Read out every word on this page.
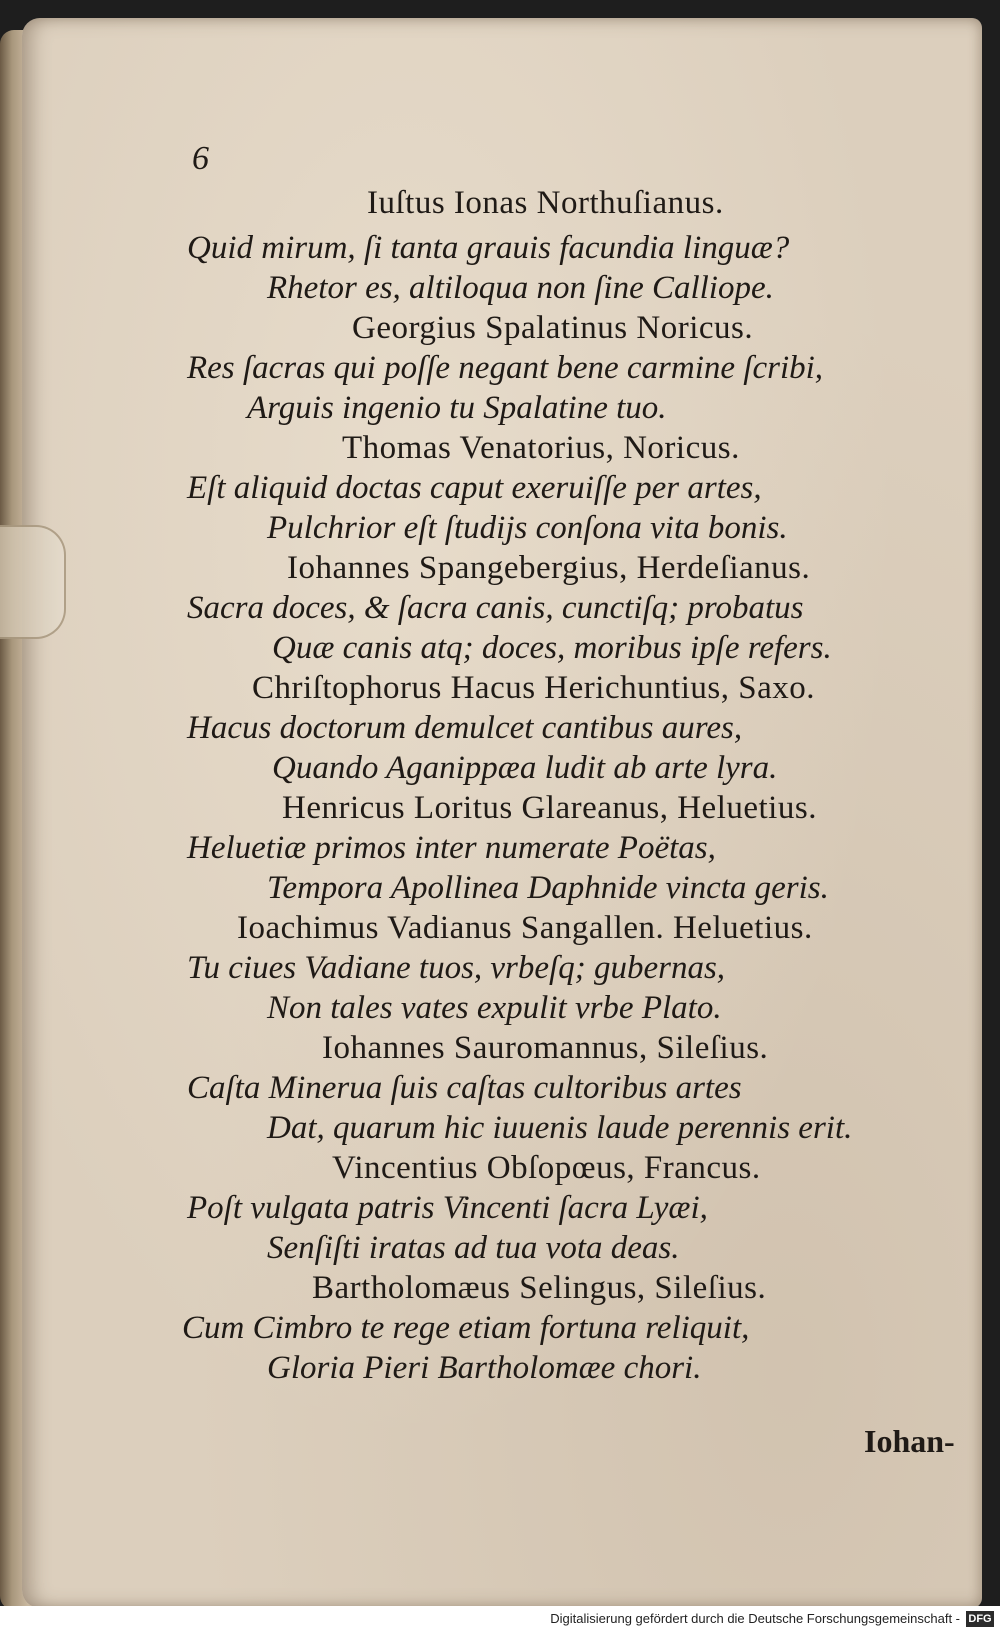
6
Iuſtus Ionas Northuſianus.
Quid mirum, ſi tanta grauis facundia linguæ?
Rhetor es, altiloqua non ſine Calliope.
Georgius Spalatinus Noricus.
Res ſacras qui poſſe negant bene carmine ſcribi,
Arguis ingenio tu Spalatine tuo.
Thomas Venatorius, Noricus.
Eſt aliquid doctas caput exeruiſſe per artes,
Pulchrior eſt ſtudijs conſona vita bonis.
Iohannes Spangebergius, Herdeſianus.
Sacra doces, & ſacra canis, cunctiſq; probatus
Quæ canis atq; doces, moribus ipſe refers.
Chriſtophorus Hacus Herichuntius, Saxo.
Hacus doctorum demulcet cantibus aures,
Quando Aganippæa ludit ab arte lyra.
Henricus Loritus Glareanus, Heluetius.
Heluetiæ primos inter numerate Poëtas,
Tempora Apollinea Daphnide vincta geris.
Ioachimus Vadianus Sangallen. Heluetius.
Tu ciues Vadiane tuos, vrbeſq; gubernas,
Non tales vates expulit vrbe Plato.
Iohannes Sauromannus, Sileſius.
Caſta Minerua ſuis caſtas cultoribus artes
Dat, quarum hic iuuenis laude perennis erit.
Vincentius Obſopœus, Francus.
Poſt vulgata patris Vincenti ſacra Lyæi,
Senſiſti iratas ad tua vota deas.
Bartholomæus Selingus, Sileſius.
Cum Cimbro te rege etiam fortuna reliquit,
Gloria Pieri Bartholomæe chori.
Iohan-
Digitalisierung gefördert durch die Deutsche Forschungsgemeinschaft - DFG
